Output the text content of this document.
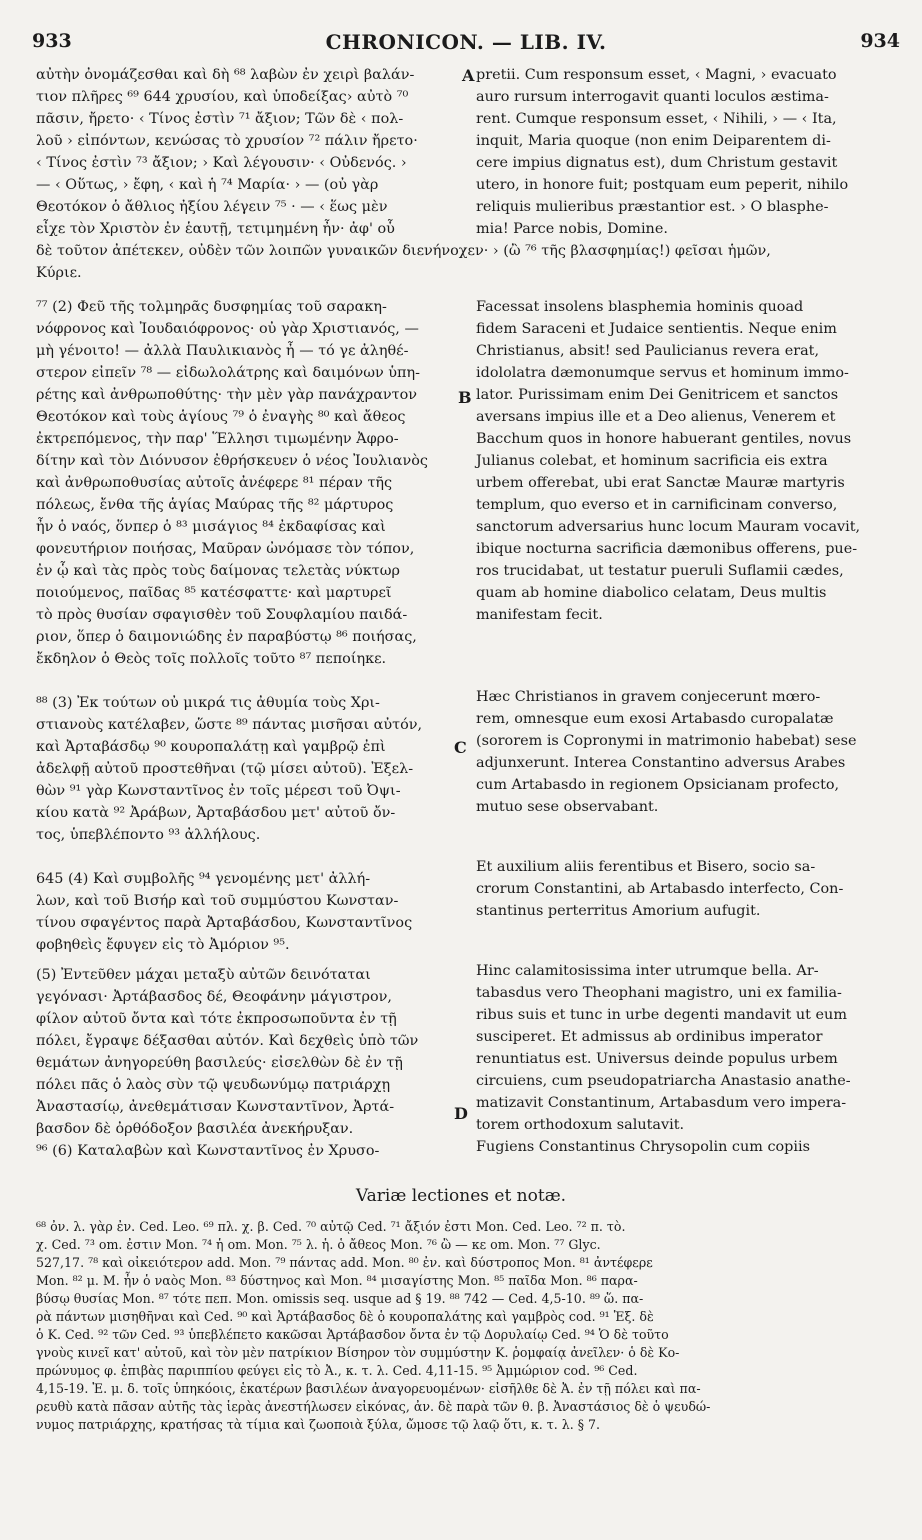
933	CHRONICON. — LIB. IV.	934

αὐτὴν ὀνομάζεσθαι καὶ δὴ ⁶⁸ λαβὼν ἐν χειρὶ βαλάν-
τιον πλῆρες ⁶⁹ 644 χρυσίου, καὶ ὑποδείξας› αὐτὸ ⁷⁰
πᾶσιν, ἤρετο· ‹ Τίνος ἐστὶν ⁷¹ ἄξιον; Τῶν δὲ ‹ πολ-
λοῦ › εἰπόντων, κενώσας τὸ χρυσίον ⁷² πάλιν ἤρετο·
‹ Τίνος ἐστὶν ⁷³ ἄξιον; › Καὶ λέγουσιν· ‹ Οὐδενός. ›
— ‹ Οὕτως, › ἔφη, ‹ καὶ ἡ ⁷⁴ Μαρία· › — (οὐ γὰρ
Θεοτόκον ὁ ἄθλιος ἠξίου λέγειν ⁷⁵ · — ‹ ἕως μὲν
εἶχε τὸν Χριστὸν ἐν ἑαυτῇ, τετιμημένη ἦν· ἀφ' οὗ

δὲ τοῦτον ἀπέτεκεν, οὐδὲν τῶν λοιπῶν γυναικῶν διενήνοχεν· › (ὢ ⁷⁶ τῆς βλασφημίας!) φεῖσαι ἡμῶν,
Κύριε.

⁷⁷ (2) Φεῦ τῆς τολμηρᾶς δυσφημίας τοῦ σαρακη-
νόφρονος καὶ Ἰουδαιόφρονος· οὐ γὰρ Χριστιανός, —
μὴ γένοιτο! — ἀλλὰ Παυλικιανὸς ἦ — τό γε ἀληθέ-
στερον εἰπεῖν ⁷⁸ — εἰδωλολάτρης καὶ δαιμόνων ὑπη-
ρέτης καὶ ἀνθρωποθύτης· τὴν μὲν γὰρ πανάχραντον
Θεοτόκον καὶ τοὺς ἁγίους ⁷⁹ ὁ ἐναγὴς ⁸⁰ καὶ ἄθεος
ἐκτρεπόμενος, τὴν παρ' Ἕλλησι τιμωμένην Ἀφρο-
δίτην καὶ τὸν Διόνυσον ἐθρήσκευεν ὁ νέος Ἰουλιανὸς
καὶ ἀνθρωποθυσίας αὐτοῖς ἀνέφερε ⁸¹ πέραν τῆς
πόλεως, ἔνθα τῆς ἁγίας Μαύρας τῆς ⁸² μάρτυρος
ἦν ὁ ναός, ὅνπερ ὁ ⁸³ μισάγιος ⁸⁴ ἐκδαφίσας καὶ
φονευτήριον ποιήσας, Μαῦραν ὠνόμασε τὸν τόπον,
ἐν ᾧ καὶ τὰς πρὸς τοὺς δαίμονας τελετὰς νύκτωρ
ποιούμενος, παῖδας ⁸⁵ κατέσφαττε· καὶ μαρτυρεῖ
τὸ πρὸς θυσίαν σφαγισθὲν τοῦ Σουφλαμίου παιδά-
ριον, ὅπερ ὁ δαιμονιώδης ἐν παραβύστῳ ⁸⁶ ποιήσας,
ἔκδηλον ὁ Θεὸς τοῖς πολλοῖς τοῦτο ⁸⁷ πεποίηκε.

⁸⁸ (3) Ἐκ τούτων οὐ μικρά τις ἀθυμία τοὺς Χρι-
στιανοὺς κατέλαβεν, ὥστε ⁸⁹ πάντας μισῆσαι αὐτόν,
καὶ Ἀρταβάσδῳ ⁹⁰ κουροπαλάτῃ καὶ γαμβρῷ ἐπὶ
ἀδελφῇ αὐτοῦ προστεθῆναι (τῷ μίσει αὐτοῦ). Ἐξελ-
θὼν ⁹¹ γὰρ Κωνσταντῖνος ἐν τοῖς μέρεσι τοῦ Ὀψι-
κίου κατὰ ⁹² Ἀράβων, Ἀρταβάσδου μετ' αὐτοῦ ὄν-
τος, ὑπεβλέποντο ⁹³ ἀλλήλους.

645 (4) Καὶ συμβολῆς ⁹⁴ γενομένης μετ' ἀλλή-
λων, καὶ τοῦ Βισήρ καὶ τοῦ συμμύστου Κωνσταν-
τίνου σφαγέντος παρὰ Ἀρταβάσδου, Κωνσταντῖνος
φοβηθεὶς ἔφυγεν εἰς τὸ Ἀμόριον ⁹⁵.

(5) Ἐντεῦθεν μάχαι μεταξὺ αὐτῶν δεινόταται
γεγόνασι· Ἀρτάβασδος δέ, Θεοφάνην μάγιστρον,
φίλον αὐτοῦ ὄντα καὶ τότε ἐκπροσωποῦντα ἐν τῇ
πόλει, ἔγραψε δέξασθαι αὐτόν. Καὶ δεχθεὶς ὑπὸ τῶν
θεμάτων ἀνηγορεύθη βασιλεύς· εἰσελθὼν δὲ ἐν τῇ
πόλει πᾶς ὁ λαὸς σὺν τῷ ψευδωνύμῳ πατριάρχῃ
Ἀναστασίῳ, ἀνεθεμάτισαν Κωνσταντῖνον, Ἀρτά-
βασδον δὲ ὀρθόδοξον βασιλέα ἀνεκήρυξαν.

⁹⁶ (6) Καταλαβὼν καὶ Κωνσταντῖνος ἐν Χρυσο-

pretii. Cum responsum esset, ‹ Magni, › evacuato
auro rursum interrogavit quanti loculos æstima-
rent. Cumque responsum esset, ‹ Nihili, › — ‹ Ita,
inquit, Maria quoque (non enim Deiparentem di-
cere impius dignatus est), dum Christum gestavit
utero, in honore fuit; postquam eum peperit, nihilo
reliquis mulieribus præstantior est. › O blasphe-
mia! Parce nobis, Domine.

Facessat insolens blasphemia hominis quoad
fidem Saraceni et Judaice sentientis. Neque enim
Christianus, absit! sed Paulicianus revera erat,
idololatra dæmonumque servus et hominum immo-
lator. Purissimam enim Dei Genitricem et sanctos
aversans impius ille et a Deo alienus, Venerem et
Bacchum quos in honore habuerant gentiles, novus
Julianus colebat, et hominum sacrificia eis extra
urbem offerebat, ubi erat Sanctæ Mauræ martyris
templum, quo everso et in carnificinam converso,
sanctorum adversarius hunc locum Mauram vocavit,
ibique nocturna sacrificia dæmonibus offerens, pue-
ros trucidabat, ut testatur pueruli Suflamii cædes,
quam ab homine diabolico celatam, Deus multis
manifestam fecit.

Hæc Christianos in gravem conjecerunt mœro-
rem, omnesque eum exosi Artabasdo curopalatæ
(sororem is Copronymi in matrimonio habebat) sese
adjunxerunt. Interea Constantino adversus Arabes
cum Artabasdo in regionem Opsicianam profecto,
mutuo sese observabant.

Et auxilium aliis ferentibus et Bisero, socio sa-
crorum Constantini, ab Artabasdo interfecto, Con-
stantinus perterritus Amorium aufugit.

Hinc calamitosissima inter utrumque bella. Ar-
tabasdus vero Theophani magistro, uni ex familia-
ribus suis et tunc in urbe degenti mandavit ut eum
susciperet. Et admissus ab ordinibus imperator
renuntiatus est. Universus deinde populus urbem
circuiens, cum pseudopatriarcha Anastasio anathe-
matizavit Constantinum, Artabasdum vero impera-
torem orthodoxum salutavit.

Fugiens Constantinus Chrysopolin cum copiis

A
B
C
D
Variæ lectiones et notæ.
⁶⁸ ὀν. λ. γὰρ ἐν. Ced. Leo. ⁶⁹ πλ. χ. β. Ced. ⁷⁰ αὐτῷ Ced. ⁷¹ ἄξιόν ἐστι Mon. Ced. Leo. ⁷² π. τὸ.
χ. Ced. ⁷³ om. ἐστιν Mon. ⁷⁴ ἡ om. Mon. ⁷⁵ λ. ἡ. ὁ ἄθεος Mon. ⁷⁶ ὢ — κε om. Mon. ⁷⁷ Glyc.
527,17. ⁷⁸ καὶ οἰκειότερον add. Mon. ⁷⁹ πάντας add. Mon. ⁸⁰ ἐν. καὶ δύστροπος Mon. ⁸¹ ἀντέφερε
Mon. ⁸² μ. Μ. ἦν ὁ ναὸς Mon. ⁸³ δύστηνος καὶ Mon. ⁸⁴ μισαγίστης Mon. ⁸⁵ παῖδα Mon. ⁸⁶ παρα-
βύσῳ θυσίας Mon. ⁸⁷ τότε πεπ. Mon. omissis seq. usque ad § 19. ⁸⁸ 742 — Ced. 4,5-10. ⁸⁹ ὥ. πα-
ρὰ πάντων μισηθῆναι καὶ Ced. ⁹⁰ καὶ Ἀρτάβασδος δὲ ὁ κουροπαλάτης καὶ γαμβρὸς cod. ⁹¹ Ἐξ. δὲ
ὁ Κ. Ced. ⁹² τῶν Ced. ⁹³ ὑπεβλέπετο κακῶσαι Ἀρτάβασδον ὄντα ἐν τῷ Δορυλαίῳ Ced. ⁹⁴ Ὁ δὲ τοῦτο
γνοὺς κινεῖ κατ' αὐτοῦ, καὶ τὸν μὲν πατρίκιον Βίσηρον τὸν συμμύστην Κ. ῥομφαίᾳ ἀνεῖλεν· ὁ δὲ Κο-
πρώνυμος φ. ἐπιβὰς παριππίου φεύγει εἰς τὸ Ἀ., κ. τ. λ. Ced. 4,11-15. ⁹⁵ Ἀμμώριον cod. ⁹⁶ Ced.
4,15-19. Ἐ. μ. δ. τοῖς ὑπηκόοις, ἑκατέρων βασιλέων ἀναγορευομένων· εἰσῆλθε δὲ Ἀ. ἐν τῇ πόλει καὶ πα-
ρευθὺ κατὰ πᾶσαν αὐτῆς τὰς ἱερὰς ἀνεστήλωσεν εἰκόνας, ἀν. δὲ παρὰ τῶν θ. β. Ἀναστάσιος δὲ ὁ ψευδώ-
νυμος πατριάρχης, κρατήσας τὰ τίμια καὶ ζωοποιὰ ξύλα, ὤμοσε τῷ λαῷ ὅτι, κ. τ. λ. § 7.
